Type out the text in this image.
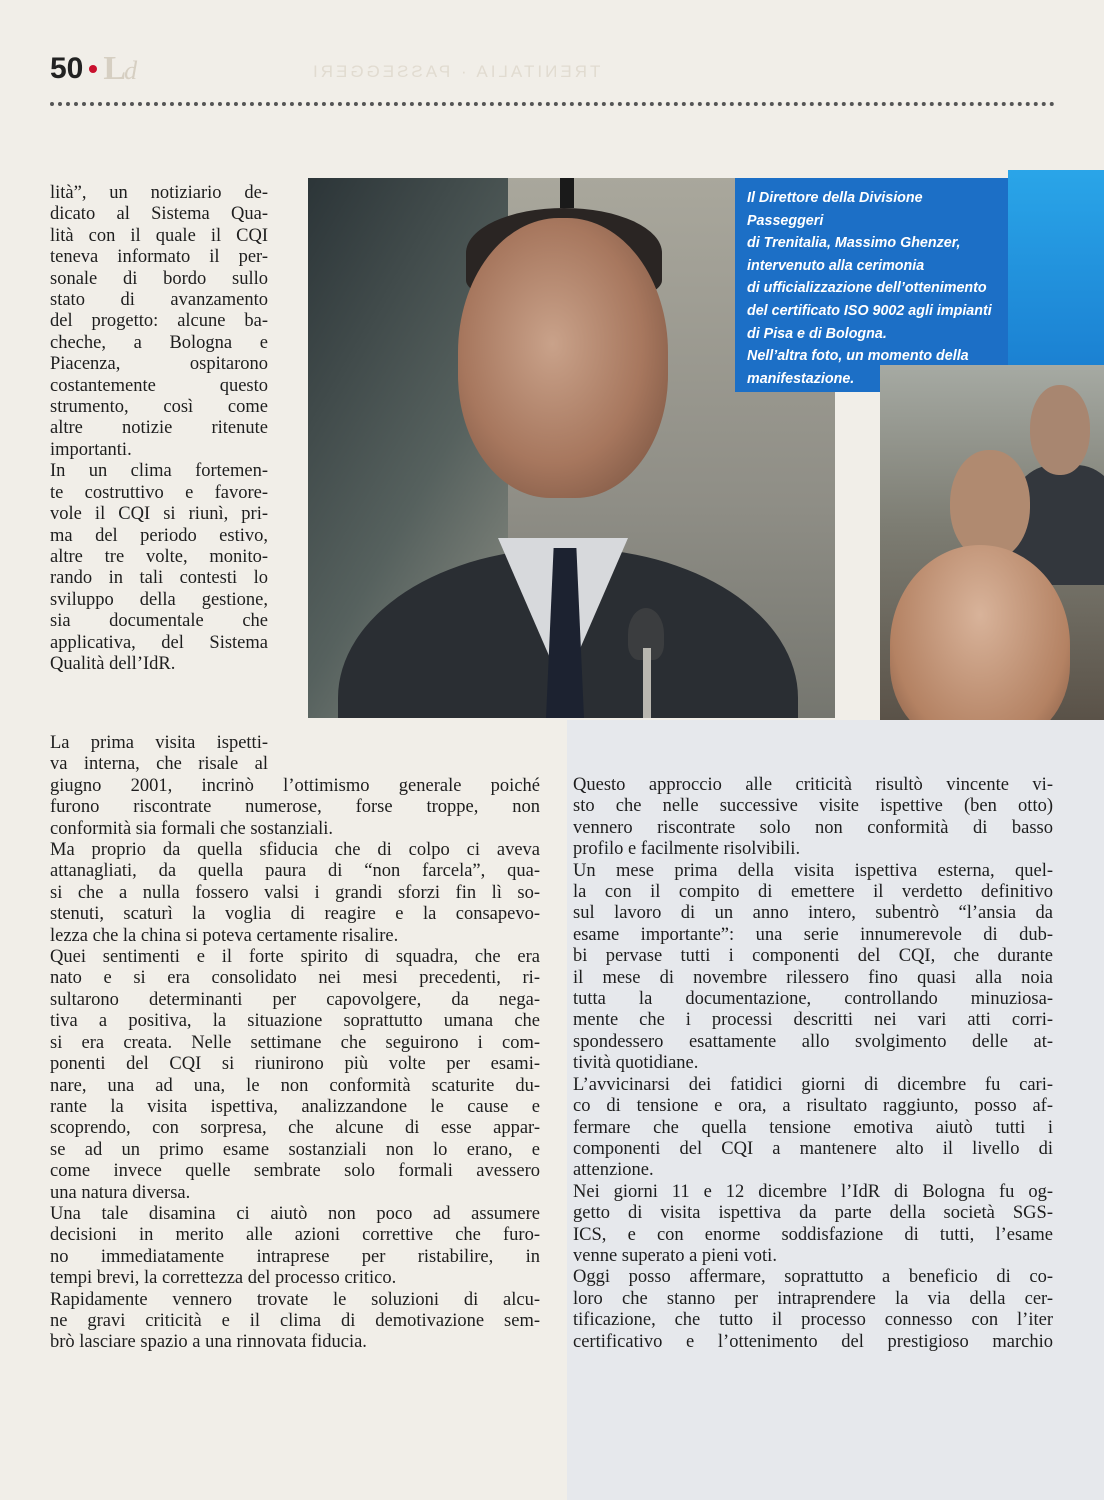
50 Ld	TRENITALIA · PASSEGGERI
Il Direttore della Divisione Passeggeri
di Trenitalia, Massimo Ghenzer,
intervenuto alla cerimonia
di ufficializzazione dell’ottenimento
del certificato ISO 9002 agli impianti
di Pisa e di Bologna.
Nell’altra foto, un momento della
manifestazione.

lità”, un notiziario de-

dicato al Sistema Qua-

lità con il quale il CQI

teneva informato il per-

sonale di bordo sullo

stato di avanzamento

del progetto: alcune ba-

cheche, a Bologna e

Piacenza, ospitarono

costantemente questo

strumento, così come

altre notizie ritenute

importanti.

In un clima fortemen-

te costruttivo e favore-

vole il CQI si riunì, pri-

ma del periodo estivo,

altre tre volte, monito-

rando in tali contesti lo

sviluppo della gestione,

sia documentale che

applicativa, del Sistema

Qualità dell’IdR.

La prima visita ispetti-

va interna, che risale al

giugno 2001, incrinò l’ottimismo generale poiché

furono riscontrate numerose, forse troppe, non

conformità sia formali che sostanziali.

Ma proprio da quella sfiducia che di colpo ci aveva

attanagliati, da quella paura di “non farcela”, qua-

si che a nulla fossero valsi i grandi sforzi fin lì so-

stenuti, scaturì la voglia di reagire e la consapevo-

lezza che la china si poteva certamente risalire.

Quei sentimenti e il forte spirito di squadra, che era

nato e si era consolidato nei mesi precedenti, ri-

sultarono determinanti per capovolgere, da nega-

tiva a positiva, la situazione soprattutto umana che

si era creata. Nelle settimane che seguirono i com-

ponenti del CQI si riunirono più volte per esami-

nare, una ad una, le non conformità scaturite du-

rante la visita ispettiva, analizzandone le cause e

scoprendo, con sorpresa, che alcune di esse appar-

se ad un primo esame sostanziali non lo erano, e

come invece quelle sembrate solo formali avessero

una natura diversa.

Una tale disamina ci aiutò non poco ad assumere

decisioni in merito alle azioni correttive che furo-

no immediatamente intraprese per ristabilire, in

tempi brevi, la correttezza del processo critico.

Rapidamente vennero trovate le soluzioni di alcu-

ne gravi criticità e il clima di demotivazione sem-

brò lasciare spazio a una rinnovata fiducia.

Questo approccio alle criticità risultò vincente vi-

sto che nelle successive visite ispettive (ben otto)

vennero riscontrate solo non conformità di basso

profilo e facilmente risolvibili.

Un mese prima della visita ispettiva esterna, quel-

la con il compito di emettere il verdetto definitivo

sul lavoro di un anno intero, subentrò “l’ansia da

esame importante”: una serie innumerevole di dub-

bi pervase tutti i componenti del CQI, che durante

il mese di novembre rilessero fino quasi alla noia

tutta la documentazione, controllando minuziosa-

mente che i processi descritti nei vari atti corri-

spondessero esattamente allo svolgimento delle at-

tività quotidiane.

L’avvicinarsi dei fatidici giorni di dicembre fu cari-

co di tensione e ora, a risultato raggiunto, posso af-

fermare che quella tensione emotiva aiutò tutti i

componenti del CQI a mantenere alto il livello di

attenzione.

Nei giorni 11 e 12 dicembre l’IdR di Bologna fu og-

getto di visita ispettiva da parte della società SGS-

ICS, e con enorme soddisfazione di tutti, l’esame

venne superato a pieni voti.

Oggi posso affermare, soprattutto a beneficio di co-

loro che stanno per intraprendere la via della cer-

tificazione, che tutto il processo connesso con l’iter

certificativo e l’ottenimento del prestigioso marchio
